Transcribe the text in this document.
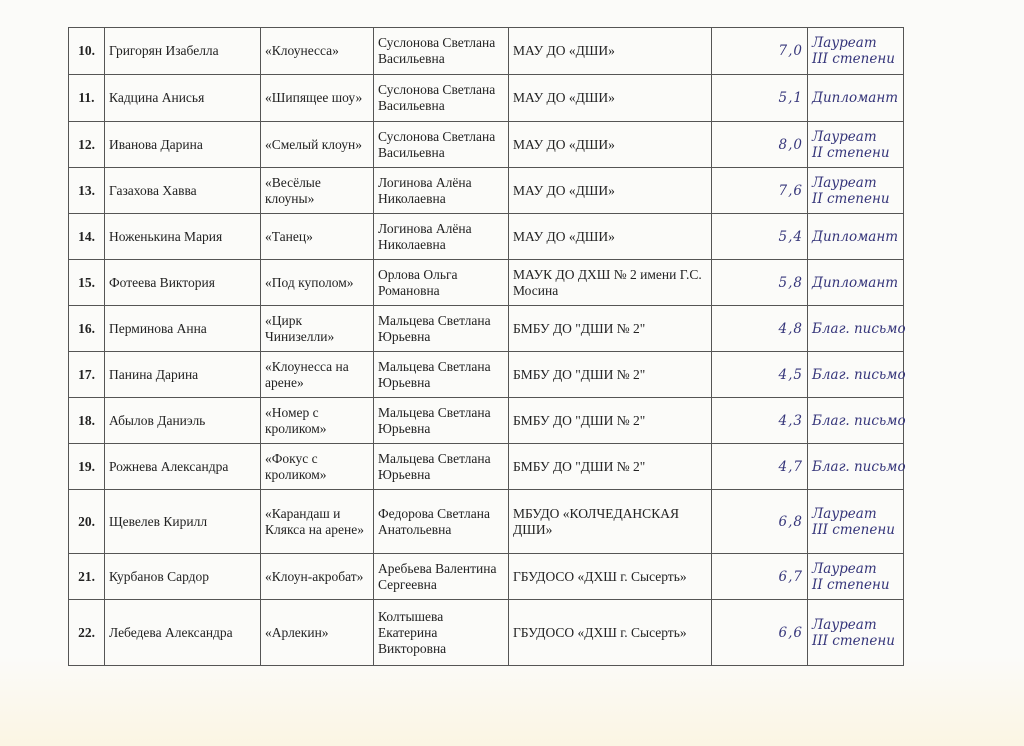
10.	Григорян Изабелла	«Клоунесса»	Суслонова Светлана Васильевна	МАУ ДО «ДШИ»	7,0	Лауреат
III степени

11.	Кадцина Анисья	«Шипящее шоу»	Суслонова Светлана Васильевна	МАУ ДО «ДШИ»	5,1	Дипломант

12.	Иванова Дарина	«Смелый клоун»	Суслонова Светлана Васильевна	МАУ ДО «ДШИ»	8,0	Лауреат
II степени

13.	Газахова Хавва	«Весёлые клоуны»	Логинова Алёна Николаевна	МАУ ДО «ДШИ»	7,6	Лауреат
II степени

14.	Ноженькина Мария	«Танец»	Логинова Алёна Николаевна	МАУ ДО «ДШИ»	5,4	Дипломант

15.	Фотеева Виктория	«Под куполом»	Орлова Ольга Романовна	МАУК ДО ДХШ № 2 имени Г.С. Мосина	5,8	Дипломант

16.	Перминова Анна	«Цирк Чинизелли»	Мальцева Светлана Юрьевна	БМБУ ДО "ДШИ № 2"	4,8	Благ. письмо

17.	Панина Дарина	«Клоунесса на арене»	Мальцева Светлана Юрьевна	БМБУ ДО "ДШИ № 2"	4,5	Благ. письмо

18.	Абылов Даниэль	«Номер с кроликом»	Мальцева Светлана Юрьевна	БМБУ ДО "ДШИ № 2"	4,3	Благ. письмо

19.	Рожнева Александра	«Фокус с кроликом»	Мальцева Светлана Юрьевна	БМБУ ДО "ДШИ № 2"	4,7	Благ. письмо

20.	Щевелев Кирилл	«Карандаш и Клякса на арене»	Федорова Светлана Анатольевна	МБУДО «КОЛЧЕДАНСКАЯ ДШИ»	6,8	Лауреат
III степени

21.	Курбанов Сардор	«Клоун-акробат»	Аребьева Валентина Сергеевна	ГБУДОСО «ДХШ г. Сысерть»	6,7	Лауреат
II степени

22.	Лебедева Александра	«Арлекин»	Колтышева Екатерина Викторовна	ГБУДОСО «ДХШ г. Сысерть»	6,6	Лауреат
III степени
